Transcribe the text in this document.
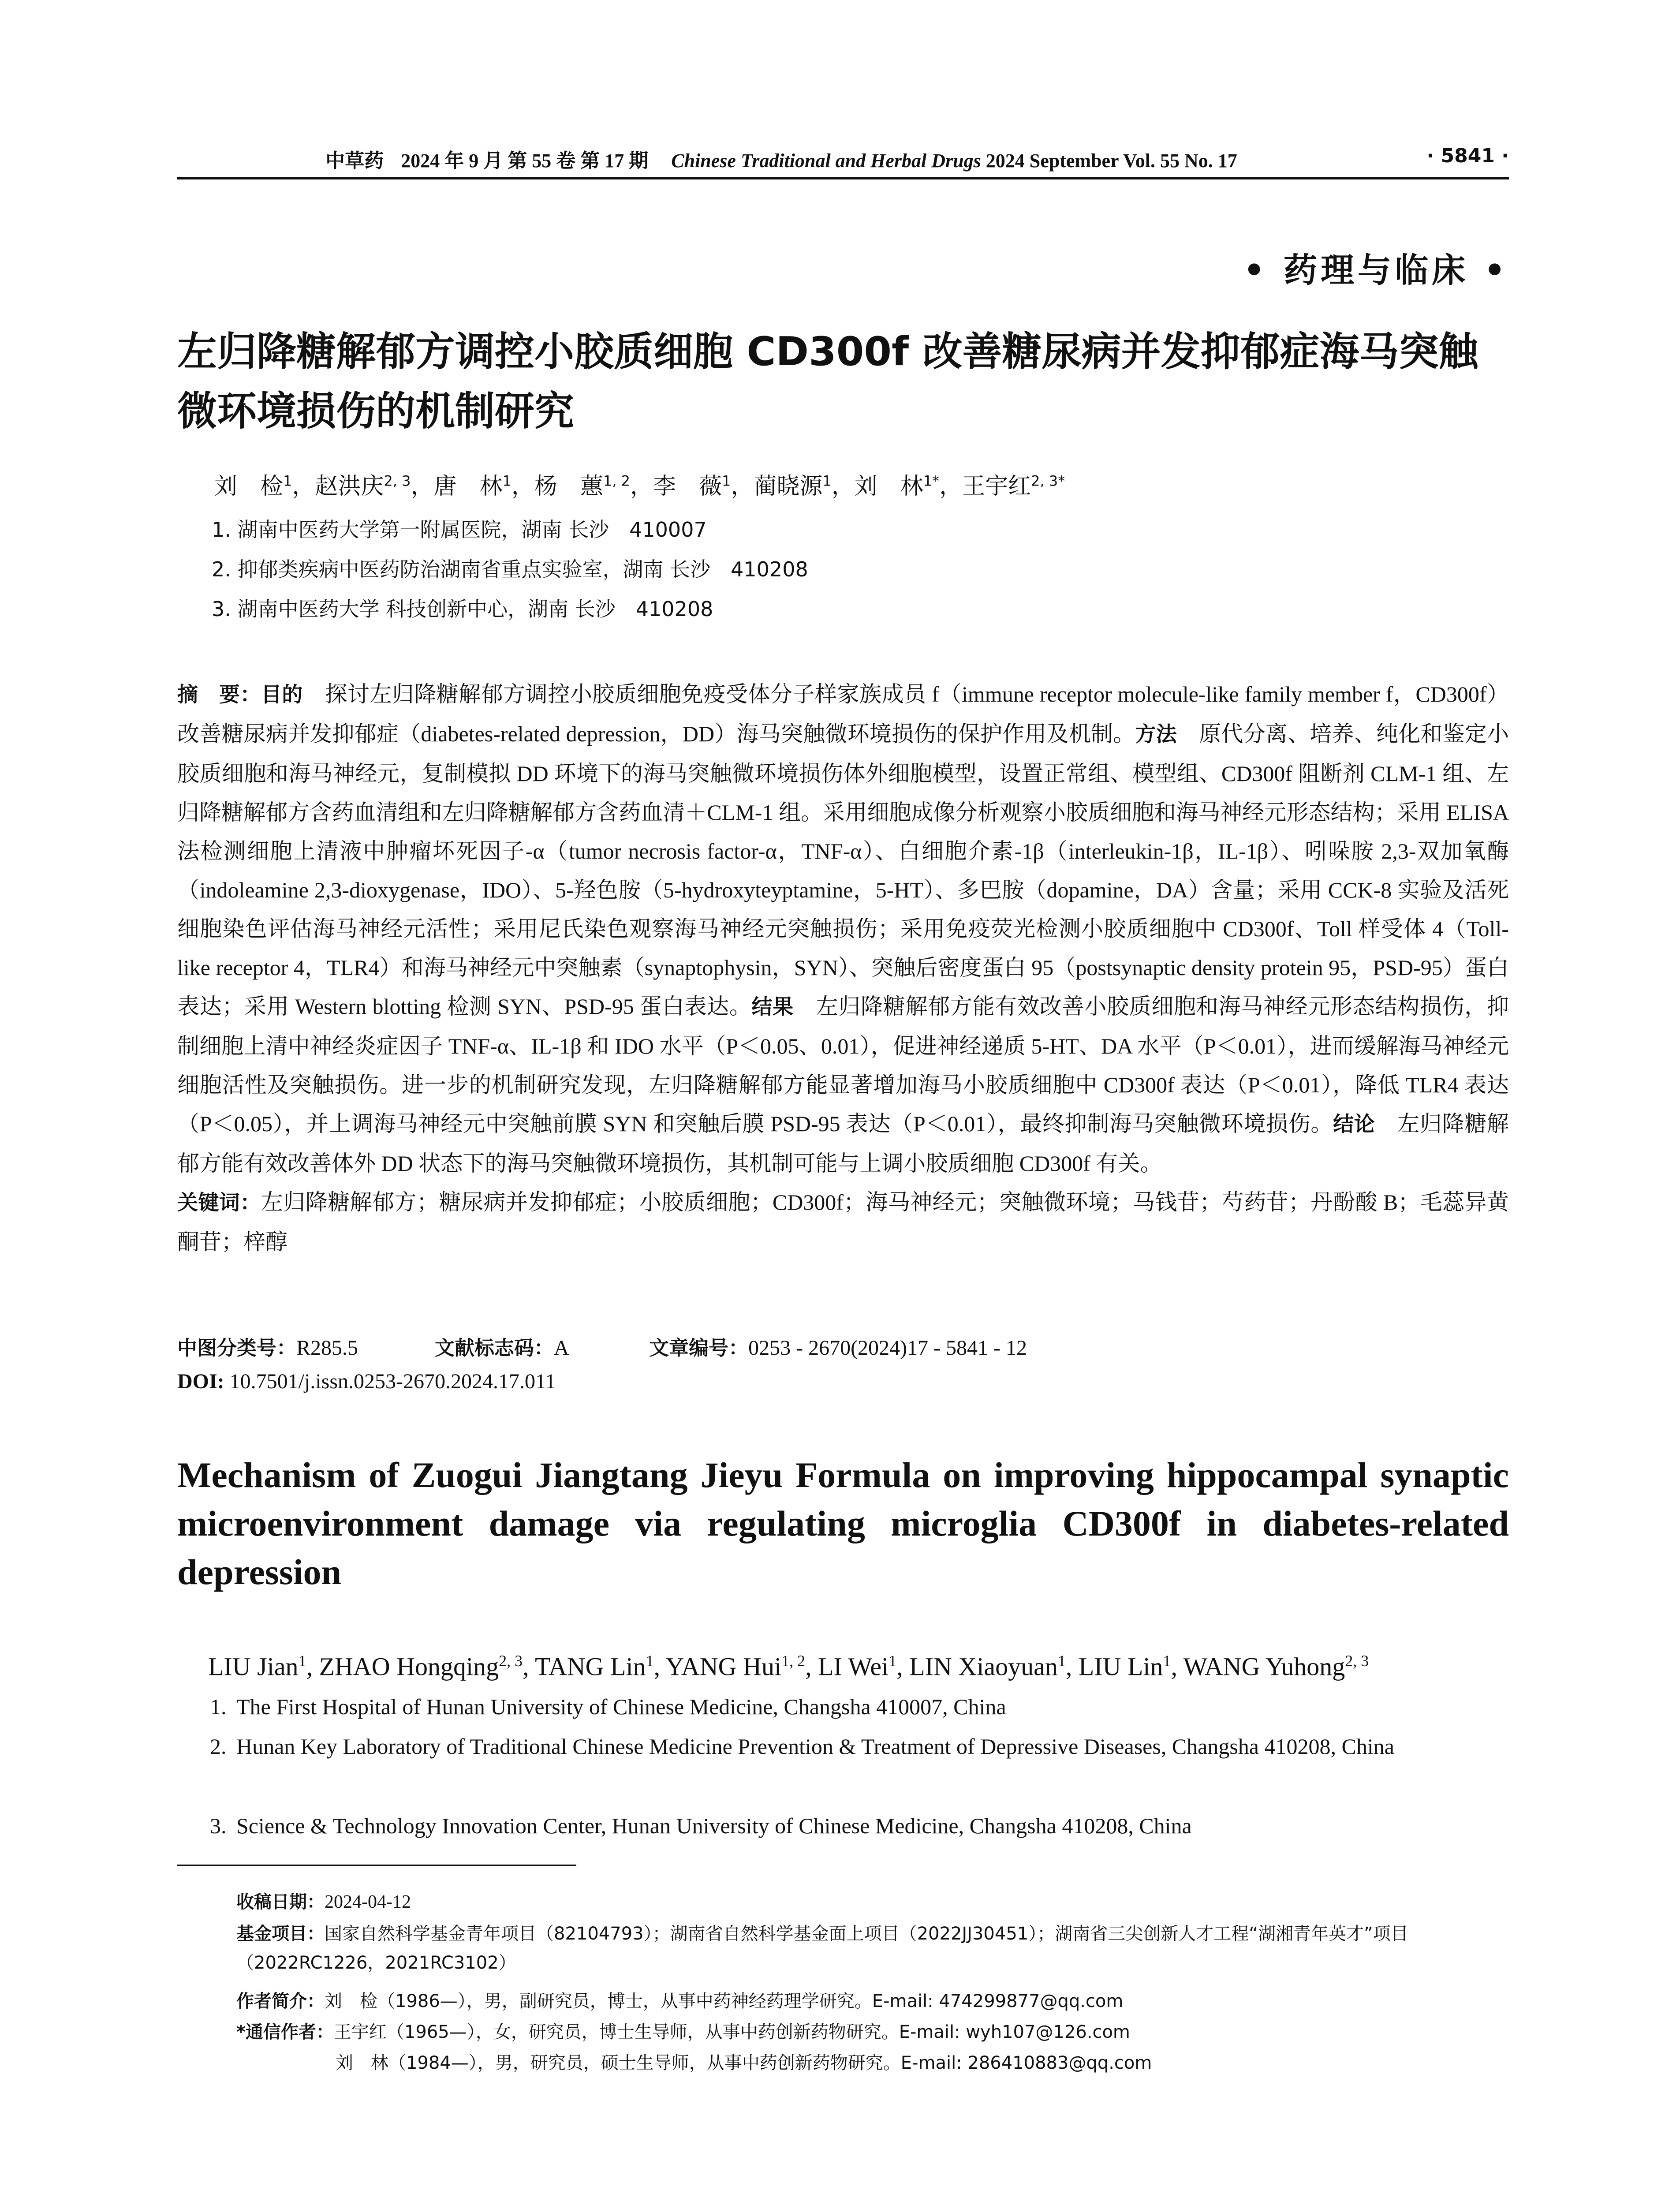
中草药 2024 年 9 月 第 55 卷 第 17 期 Chinese Traditional and Herbal Drugs 2024 September Vol. 55 No. 17	· 5841 ·
• 药理与临床 •
左归降糖解郁方调控小胶质细胞 CD300f 改善糖尿病并发抑郁症海马突触微环境损伤的机制研究
刘　检$^1$，赵洪庆$^{2, 3}$，唐　林$^1$，杨　蕙$^{1, 2}$，李　薇$^1$，蔺晓源$^1$，刘　林$^{1*}$，王宇红$^{2, 3*}$
1. 湖南中医药大学第一附属医院，湖南 长沙　410007
2. 抑郁类疾病中医药防治湖南省重点实验室，湖南 长沙　410208
3. 湖南中医药大学 科技创新中心，湖南 长沙　410208

摘　要：目的　 探讨左归降糖解郁方调控小胶质细胞免疫受体分子样家族成员 f（immune receptor molecule-like family member f，CD300f）改善糖尿病并发抑郁症（diabetes-related depression，DD）海马突触微环境损伤的保护作用及机制。方法　 原代分离、培养、纯化和鉴定小胶质细胞和海马神经元，复制模拟 DD 环境下的海马突触微环境损伤体外细胞模型，设置正常组、模型组、CD300f 阻断剂 CLM-1 组、左归降糖解郁方含药血清组和左归降糖解郁方含药血清＋CLM-1 组。采用细胞成像分析观察小胶质细胞和海马神经元形态结构；采用 ELISA 法检测细胞上清液中肿瘤坏死因子-α（tumor necrosis factor-α，TNF-α）、白细胞介素-1β（interleukin-1β，IL-1β）、吲哚胺 2,3-双加氧酶（indoleamine 2,3-dioxygenase，IDO）、5-羟色胺（5-hydroxyteyptamine，5-HT）、多巴胺（dopamine，DA）含量；采用 CCK-8 实验及活死细胞染色评估海马神经元活性；采用尼氏染色观察海马神经元突触损伤；采用免疫荧光检测小胶质细胞中 CD300f、Toll 样受体 4（Toll-like receptor 4，TLR4）和海马神经元中突触素（synaptophysin，SYN）、突触后密度蛋白 95（postsynaptic density protein 95，PSD-95）蛋白表达；采用 Western blotting 检测 SYN、PSD-95 蛋白表达。结果　 左归降糖解郁方能有效改善小胶质细胞和海马神经元形态结构损伤，抑制细胞上清中神经炎症因子 TNF-α、IL-1β 和 IDO 水平（P＜0.05、0.01），促进神经递质 5-HT、DA 水平（P＜0.01），进而缓解海马神经元细胞活性及突触损伤。进一步的机制研究发现，左归降糖解郁方能显著增加海马小胶质细胞中 CD300f 表达（P＜0.01），降低 TLR4 表达（P＜0.05），并上调海马神经元中突触前膜 SYN 和突触后膜 PSD-95 表达（P＜0.01），最终抑制海马突触微环境损伤。结论　 左归降糖解郁方能有效改善体外 DD 状态下的海马突触微环境损伤，其机制可能与上调小胶质细胞 CD300f 有关。

关键词：左归降糖解郁方；糖尿病并发抑郁症；小胶质细胞；CD300f；海马神经元；突触微环境；马钱苷；芍药苷；丹酚酸 B；毛蕊异黄酮苷；梓醇

中图分类号：R285.5	文献标志码：A	文章编号：0253 - 2670(2024)17 - 5841 - 12
DOI: 10.7501/j.issn.0253-2670.2024.17.011
Mechanism of Zuogui Jiangtang Jieyu Formula on improving hippocampal synaptic microenvironment damage via regulating microglia CD300f in diabetes-related depression
LIU Jian$^1$, ZHAO Hongqing$^{2, 3}$, TANG Lin$^1$, YANG Hui$^{1, 2}$, LI Wei$^1$, LIN Xiaoyuan$^1$, LIU Lin$^1$, WANG Yuhong$^{2, 3}$
1. The First Hospital of Hunan University of Chinese Medicine, Changsha 410007, China
2. Hunan Key Laboratory of Traditional Chinese Medicine Prevention & Treatment of Depressive Diseases, Changsha 410208, China
3. Science & Technology Innovation Center, Hunan University of Chinese Medicine, Changsha 410208, China
收稿日期：2024-04-12
基金项目：国家自然科学基金青年项目（82104793）；湖南省自然科学基金面上项目（2022JJ30451）；湖南省三尖创新人才工程“湖湘青年英才”项目（2022RC1226，2021RC3102）
作者简介：刘　检（1986—），男，副研究员，博士，从事中药神经药理学研究。E-mail: 474299877@qq.com
*通信作者：王宇红（1965—），女，研究员，博士生导师，从事中药创新药物研究。E-mail: wyh107@126.com
刘　林（1984—），男，研究员，硕士生导师，从事中药创新药物研究。E-mail: 286410883@qq.com
